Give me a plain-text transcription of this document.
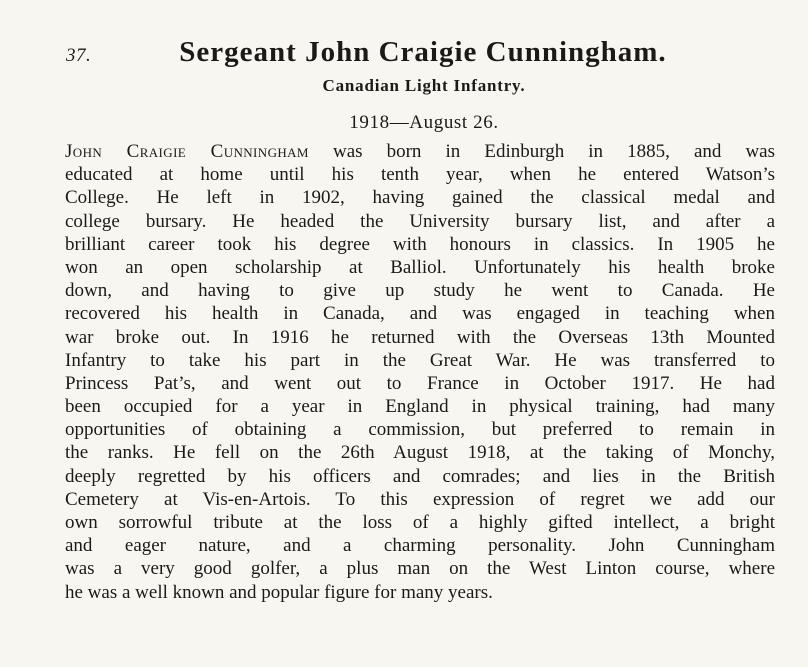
37.	Sergeant John Craigie Cunningham.
Canadian Light Infantry.
1918—August 26.
John Craigie Cunningham was born in Edinburgh in 1885, and was
educated at home until his tenth year, when he entered Watson’s
College. He left in 1902, having gained the classical medal and
college bursary. He headed the University bursary list, and after a
brilliant career took his degree with honours in classics. In 1905 he
won an open scholarship at Balliol. Unfortunately his health broke
down, and having to give up study he went to Canada. He
recovered his health in Canada, and was engaged in teaching when
war broke out. In 1916 he returned with the Overseas 13th Mounted
Infantry to take his part in the Great War. He was transferred to
Princess Pat’s, and went out to France in October 1917. He had
been occupied for a year in England in physical training, had many
opportunities of obtaining a commission, but preferred to remain in
the ranks. He fell on the 26th August 1918, at the taking of Monchy,
deeply regretted by his officers and comrades; and lies in the British
Cemetery at Vis-en-Artois. To this expression of regret we add our
own sorrowful tribute at the loss of a highly gifted intellect, a bright
and eager nature, and a charming personality. John Cunningham
was a very good golfer, a plus man on the West Linton course, where
he was a well known and popular figure for many years.
